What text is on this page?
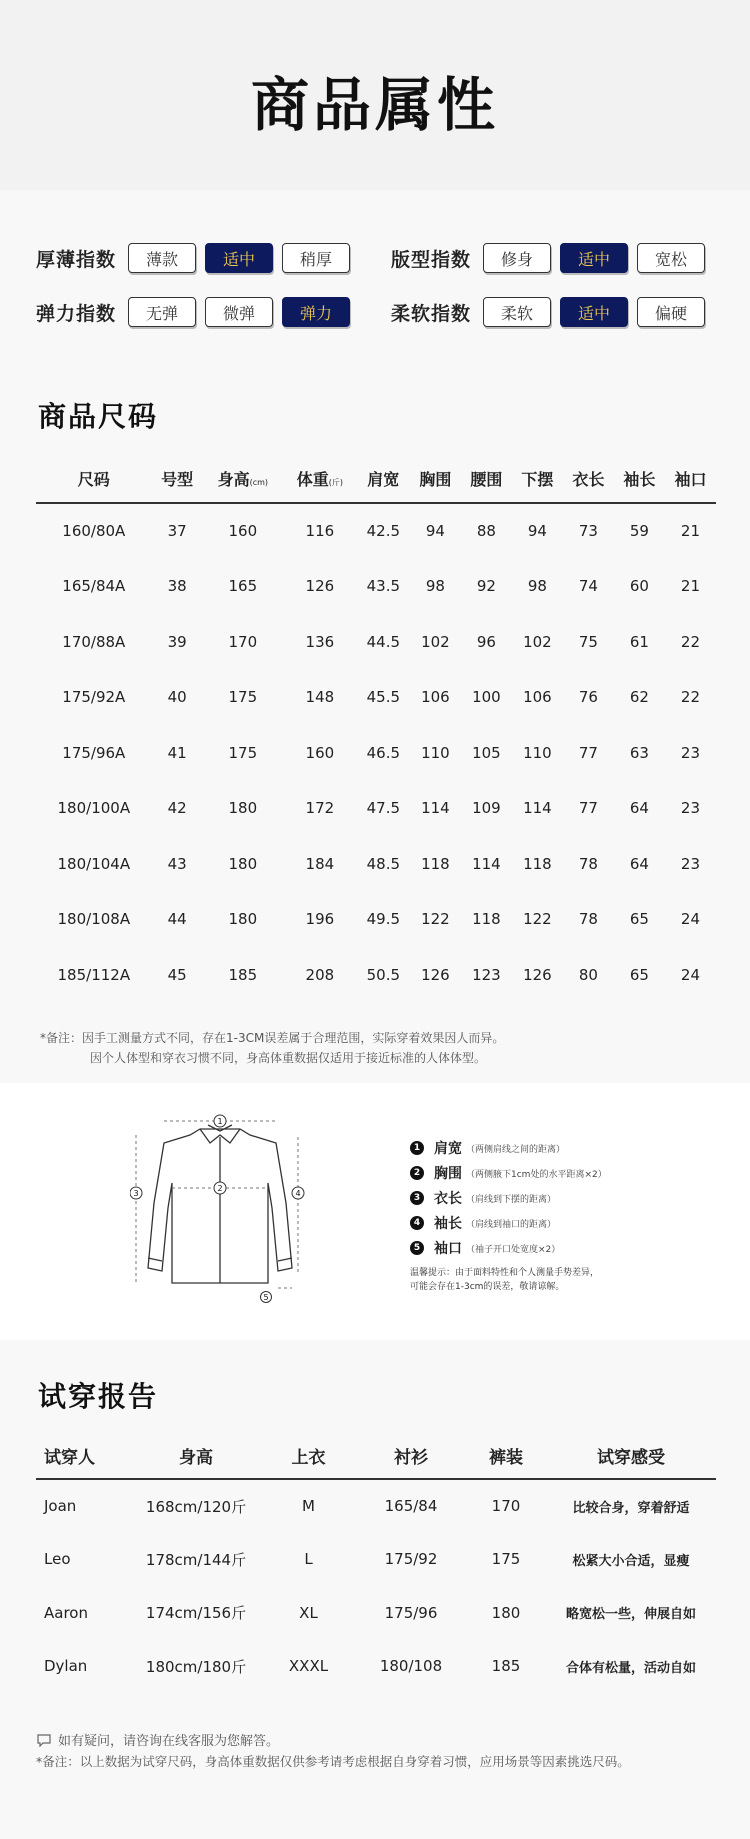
商品属性
厚薄指数	薄款	适中	稍厚
弹力指数	无弹	微弹	弹力
版型指数	修身	适中	宽松
柔软指数	柔软	适中	偏硬
商品尺码
尺码	号型	身高(cm)	体重(斤)	肩宽	胸围	腰围	下摆	衣长	袖长	袖口
160/80A	37	160	116	42.5	94	88	94	73	59	21
165/84A	38	165	126	43.5	98	92	98	74	60	21
170/88A	39	170	136	44.5	102	96	102	75	61	22
175/92A	40	175	148	45.5	106	100	106	76	62	22
175/96A	41	175	160	46.5	110	105	110	77	63	23
180/100A	42	180	172	47.5	114	109	114	77	64	23
180/104A	43	180	184	48.5	118	114	118	78	64	23
180/108A	44	180	196	49.5	122	118	122	78	65	24
185/112A	45	185	208	50.5	126	123	126	80	65	24
*备注：因手工测量方式不同，存在1-3CM误差属于合理范围，实际穿着效果因人而异。
因个人体型和穿衣习惯不同，身高体重数据仅适用于接近标准的人体体型。
1
2
3	4
5
1 肩宽 （两侧肩线之间的距离）
2 胸围 （两侧腋下1cm处的水平距离×2）
3 衣长 （肩线到下摆的距离）
4 袖长 （肩线到袖口的距离）
5 袖口 （袖子开口处宽度×2）
温馨提示：由于面料特性和个人测量手势差异，
可能会存在1-3cm的误差，敬请谅解。
试穿报告
试穿人	身高	上衣	衬衫	裤装	试穿感受
Joan	168cm/120斤	M	165/84	170	比较合身，穿着舒适
Leo	178cm/144斤	L	175/92	175	松紧大小合适，显瘦
Aaron	174cm/156斤	XL	175/96	180	略宽松一些，伸展自如
Dylan	180cm/180斤	XXXL	180/108	185	合体有松量，活动自如
如有疑问，请咨询在线客服为您解答。
*备注：以上数据为试穿尺码，身高体重数据仅供参考请考虑根据自身穿着习惯，应用场景等因素挑选尺码。
